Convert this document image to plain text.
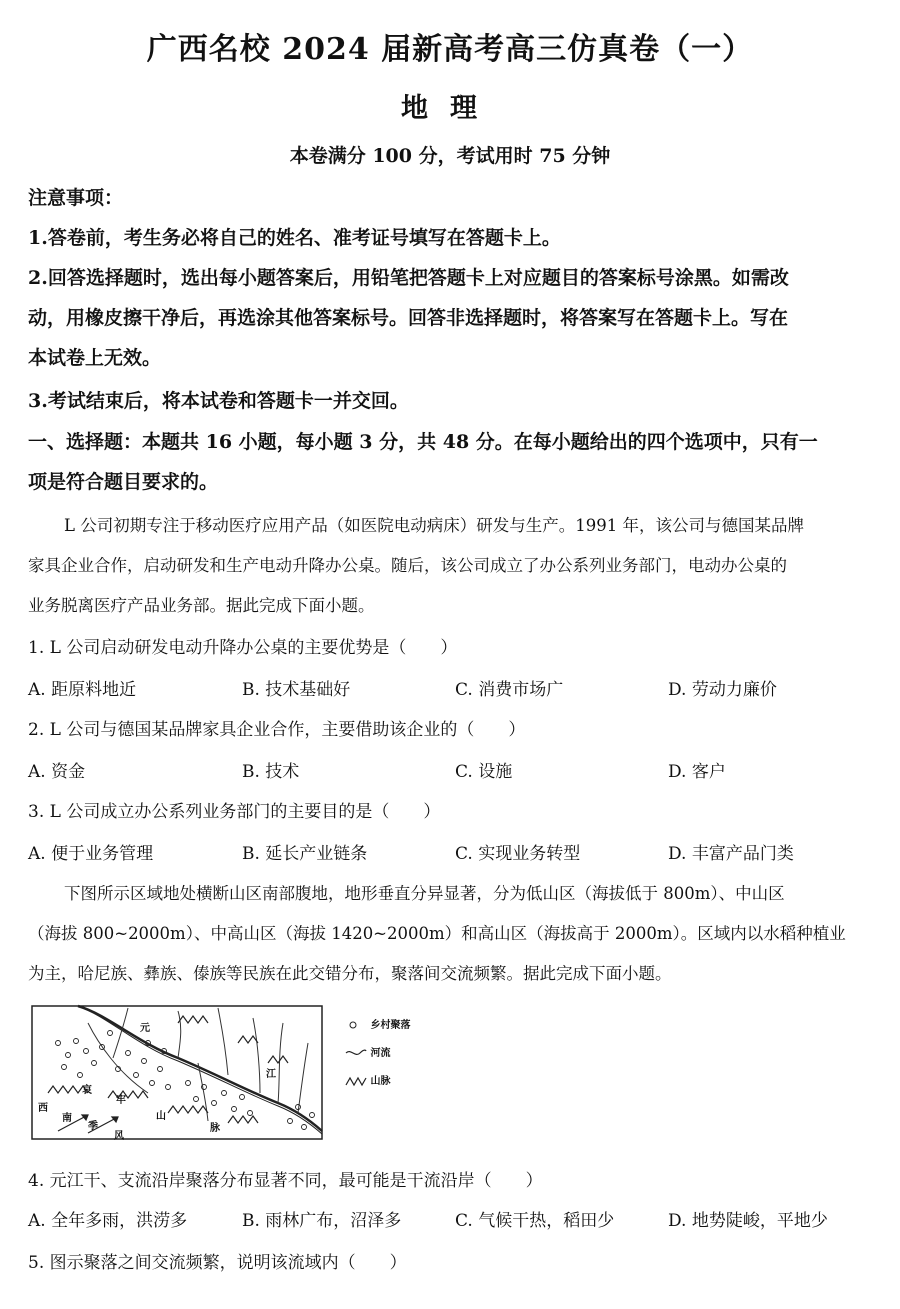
广西名校 2024 届新高考高三仿真卷（一）
地理
本卷满分 100 分，考试用时 75 分钟
注意事项：
1.答卷前，考生务必将自己的姓名、准考证号填写在答题卡上。
2.回答选择题时，选出每小题答案后，用铅笔把答题卡上对应题目的答案标号涂黑。如需改
动，用橡皮擦干净后，再选涂其他答案标号。回答非选择题时，将答案写在答题卡上。写在
本试卷上无效。
3.考试结束后，将本试卷和答题卡一并交回。
一、选择题：本题共 16 小题，每小题 3 分，共 48 分。在每小题给出的四个选项中，只有一
项是符合题目要求的。
L 公司初期专注于移动医疗应用产品（如医院电动病床）研发与生产。1991 年，该公司与德国某品牌
家具企业合作，启动研发和生产电动升降办公桌。随后，该公司成立了办公系列业务部门，电动办公桌的
业务脱离医疗产品业务部。据此完成下面小题。
1. L 公司启动研发电动升降办公桌的主要优势是（　　）
A. 距原料地近	B. 技术基础好	C. 消费市场广	D. 劳动力廉价
2. L 公司与德国某品牌家具企业合作，主要借助该企业的（　　）
A. 资金	B. 技术	C. 设施	D. 客户
3. L 公司成立办公系列业务部门的主要目的是（　　）
A. 便于业务管理	B. 延长产业链条	C. 实现业务转型	D. 丰富产品门类
下图所示区域地处横断山区南部腹地，地形垂直分异显著，分为低山区（海拔低于 800m）、中山区
（海拔 800~2000m）、中高山区（海拔 1420~2000m）和高山区（海拔高于 2000m）。区域内以水稻种植业
为主，哈尼族、彝族、傣族等民族在此交错分布，聚落间交流频繁。据此完成下面小题。
元
江
哀
牢
山
脉
西
南
季
风
乡村聚落
河流
山脉
4. 元江干、支流沿岸聚落分布显著不同，最可能是干流沿岸（　　）
A. 全年多雨，洪涝多	B. 雨林广布，沼泽多	C. 气候干热，稻田少	D. 地势陡峻，平地少
5. 图示聚落之间交流频繁，说明该流域内（　　）
